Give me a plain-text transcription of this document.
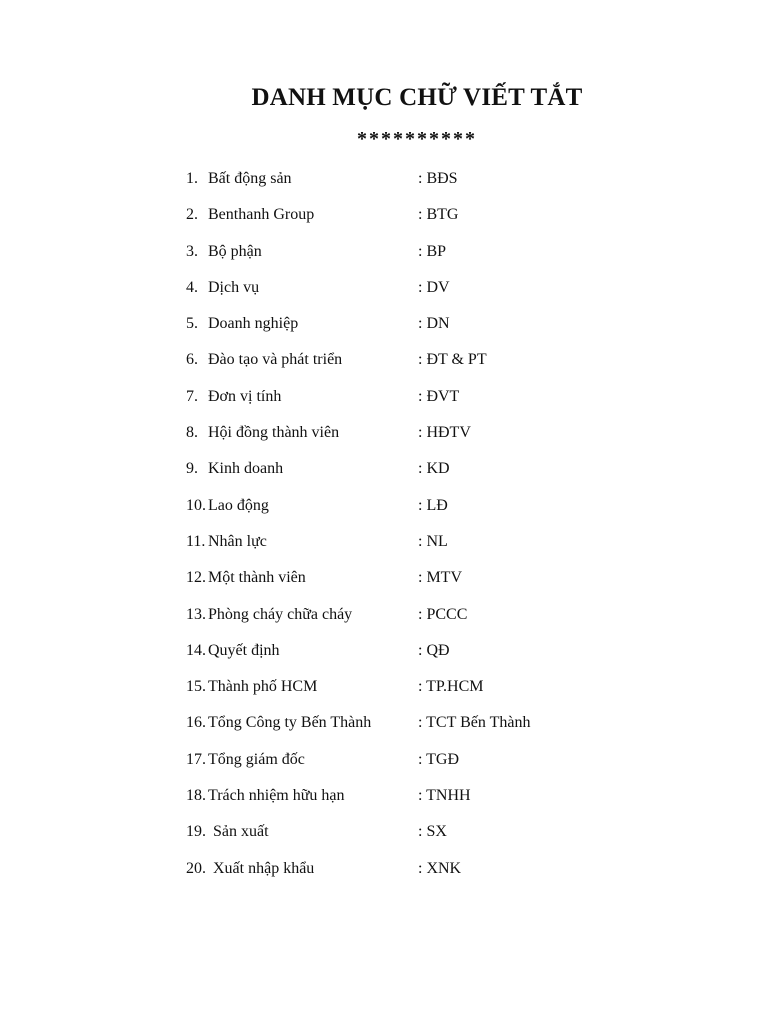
DANH MỤC CHỮ VIẾT TẮT
**********
1. Bất động sản	: BĐS
2. Benthanh Group	: BTG
3. Bộ phận	: BP
4. Dịch vụ	: DV
5. Doanh nghiệp	: DN
6. Đào tạo và phát triển	: ĐT & PT
7. Đơn vị tính	: ĐVT
8. Hội đồng thành viên	: HĐTV
9. Kinh doanh	: KD
10. Lao động	: LĐ
11. Nhân lực	: NL
12. Một thành viên	: MTV
13. Phòng cháy chữa cháy	: PCCC
14. Quyết định	: QĐ
15. Thành phố HCM	: TP.HCM
16. Tổng Công ty Bến Thành	: TCT Bến Thành
17. Tổng giám đốc	: TGĐ
18. Trách nhiệm hữu hạn	: TNHH
19. Sản xuất	: SX
20. Xuất nhập khẩu	: XNK
